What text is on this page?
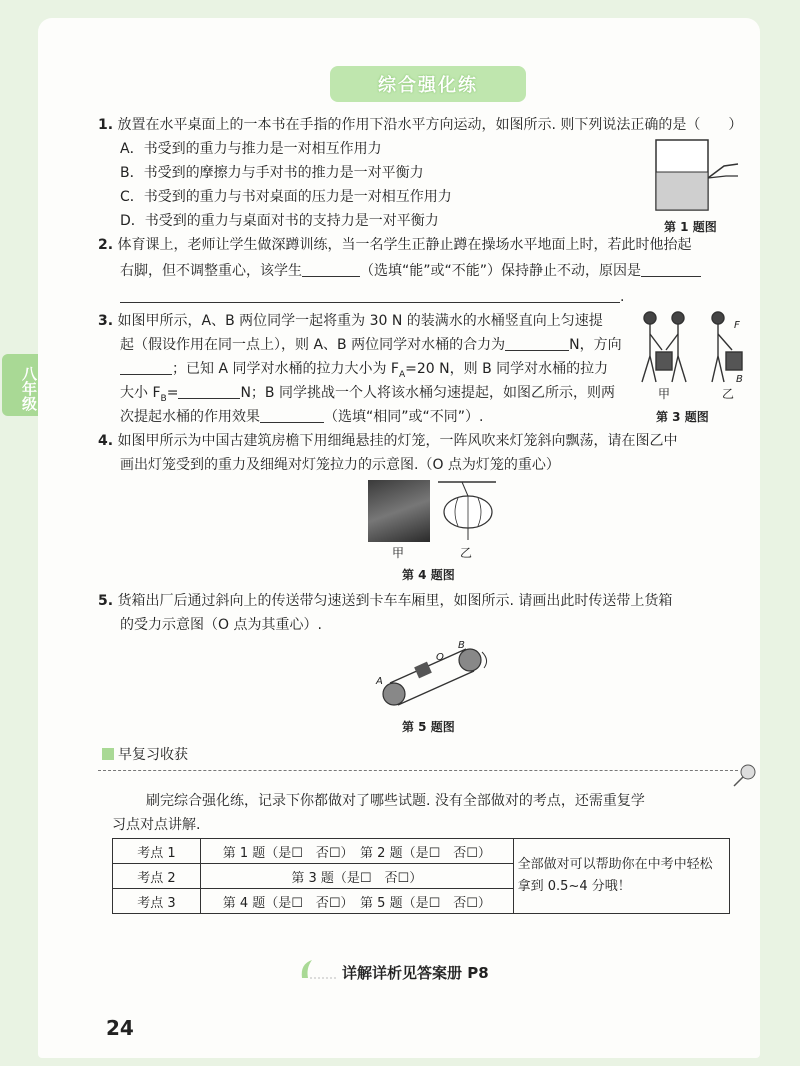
八年级
综合强化练
1. 放置在水平桌面上的一本书在手指的作用下沿水平方向运动，如图所示. 则下列说法正确的是（　　）
A．书受到的重力与推力是一对相互作用力
B．书受到的摩擦力与手对书的推力是一对平衡力
C．书受到的重力与书对桌面的压力是一对相互作用力
D．书受到的重力与桌面对书的支持力是一对平衡力	第 1 题图
2. 体育课上，老师让学生做深蹲训练，当一名学生正静止蹲在操场水平地面上时，若此时他抬起
右脚，但不调整重心，该学生	（选填“能”或“不能”）保持静止不动，原因是
.
3. 如图甲所示，A、B 两位同学一起将重为 30 N 的装满水的水桶竖直向上匀速提
起（假设作用在同一点上），则 A、B 两位同学对水桶的合力为	N，方向
；已知 A 同学对水桶的拉力大小为 $F_A=20$ N，则 B 同学对水桶的拉力
大小 $F_B=$	N；B 同学挑战一个人将该水桶匀速提起，如图乙所示，则两
次提起水桶的作用效果	（选填“相同”或“不同”）.
F
B
甲	乙
第 3 题图
4. 如图甲所示为中国古建筑房檐下用细绳悬挂的灯笼，一阵风吹来灯笼斜向飘荡，请在图乙中
画出灯笼受到的重力及细绳对灯笼拉力的示意图.（O 点为灯笼的重心）
甲	乙
第 4 题图
5. 货箱出厂后通过斜向上的传送带匀速送到卡车车厢里，如图所示. 请画出此时传送带上货箱
的受力示意图（O 点为其重心）.
A
B
O
第 5 题图
早复习收获
刷完综合强化练，记录下你都做对了哪些试题. 没有全部做对的考点，还需重复学
习点对点讲解.
考点 1	第 1 题（是☐　否☐）　第 2 题（是☐　否☐）	全部做对可以帮助你在中考中轻松拿到 0.5~4 分哦！
考点 2	第 3 题（是☐　否☐）	
考点 3	第 4 题（是☐　否☐）　第 5 题（是☐　否☐）	
详解详析见答案册 P8
24
